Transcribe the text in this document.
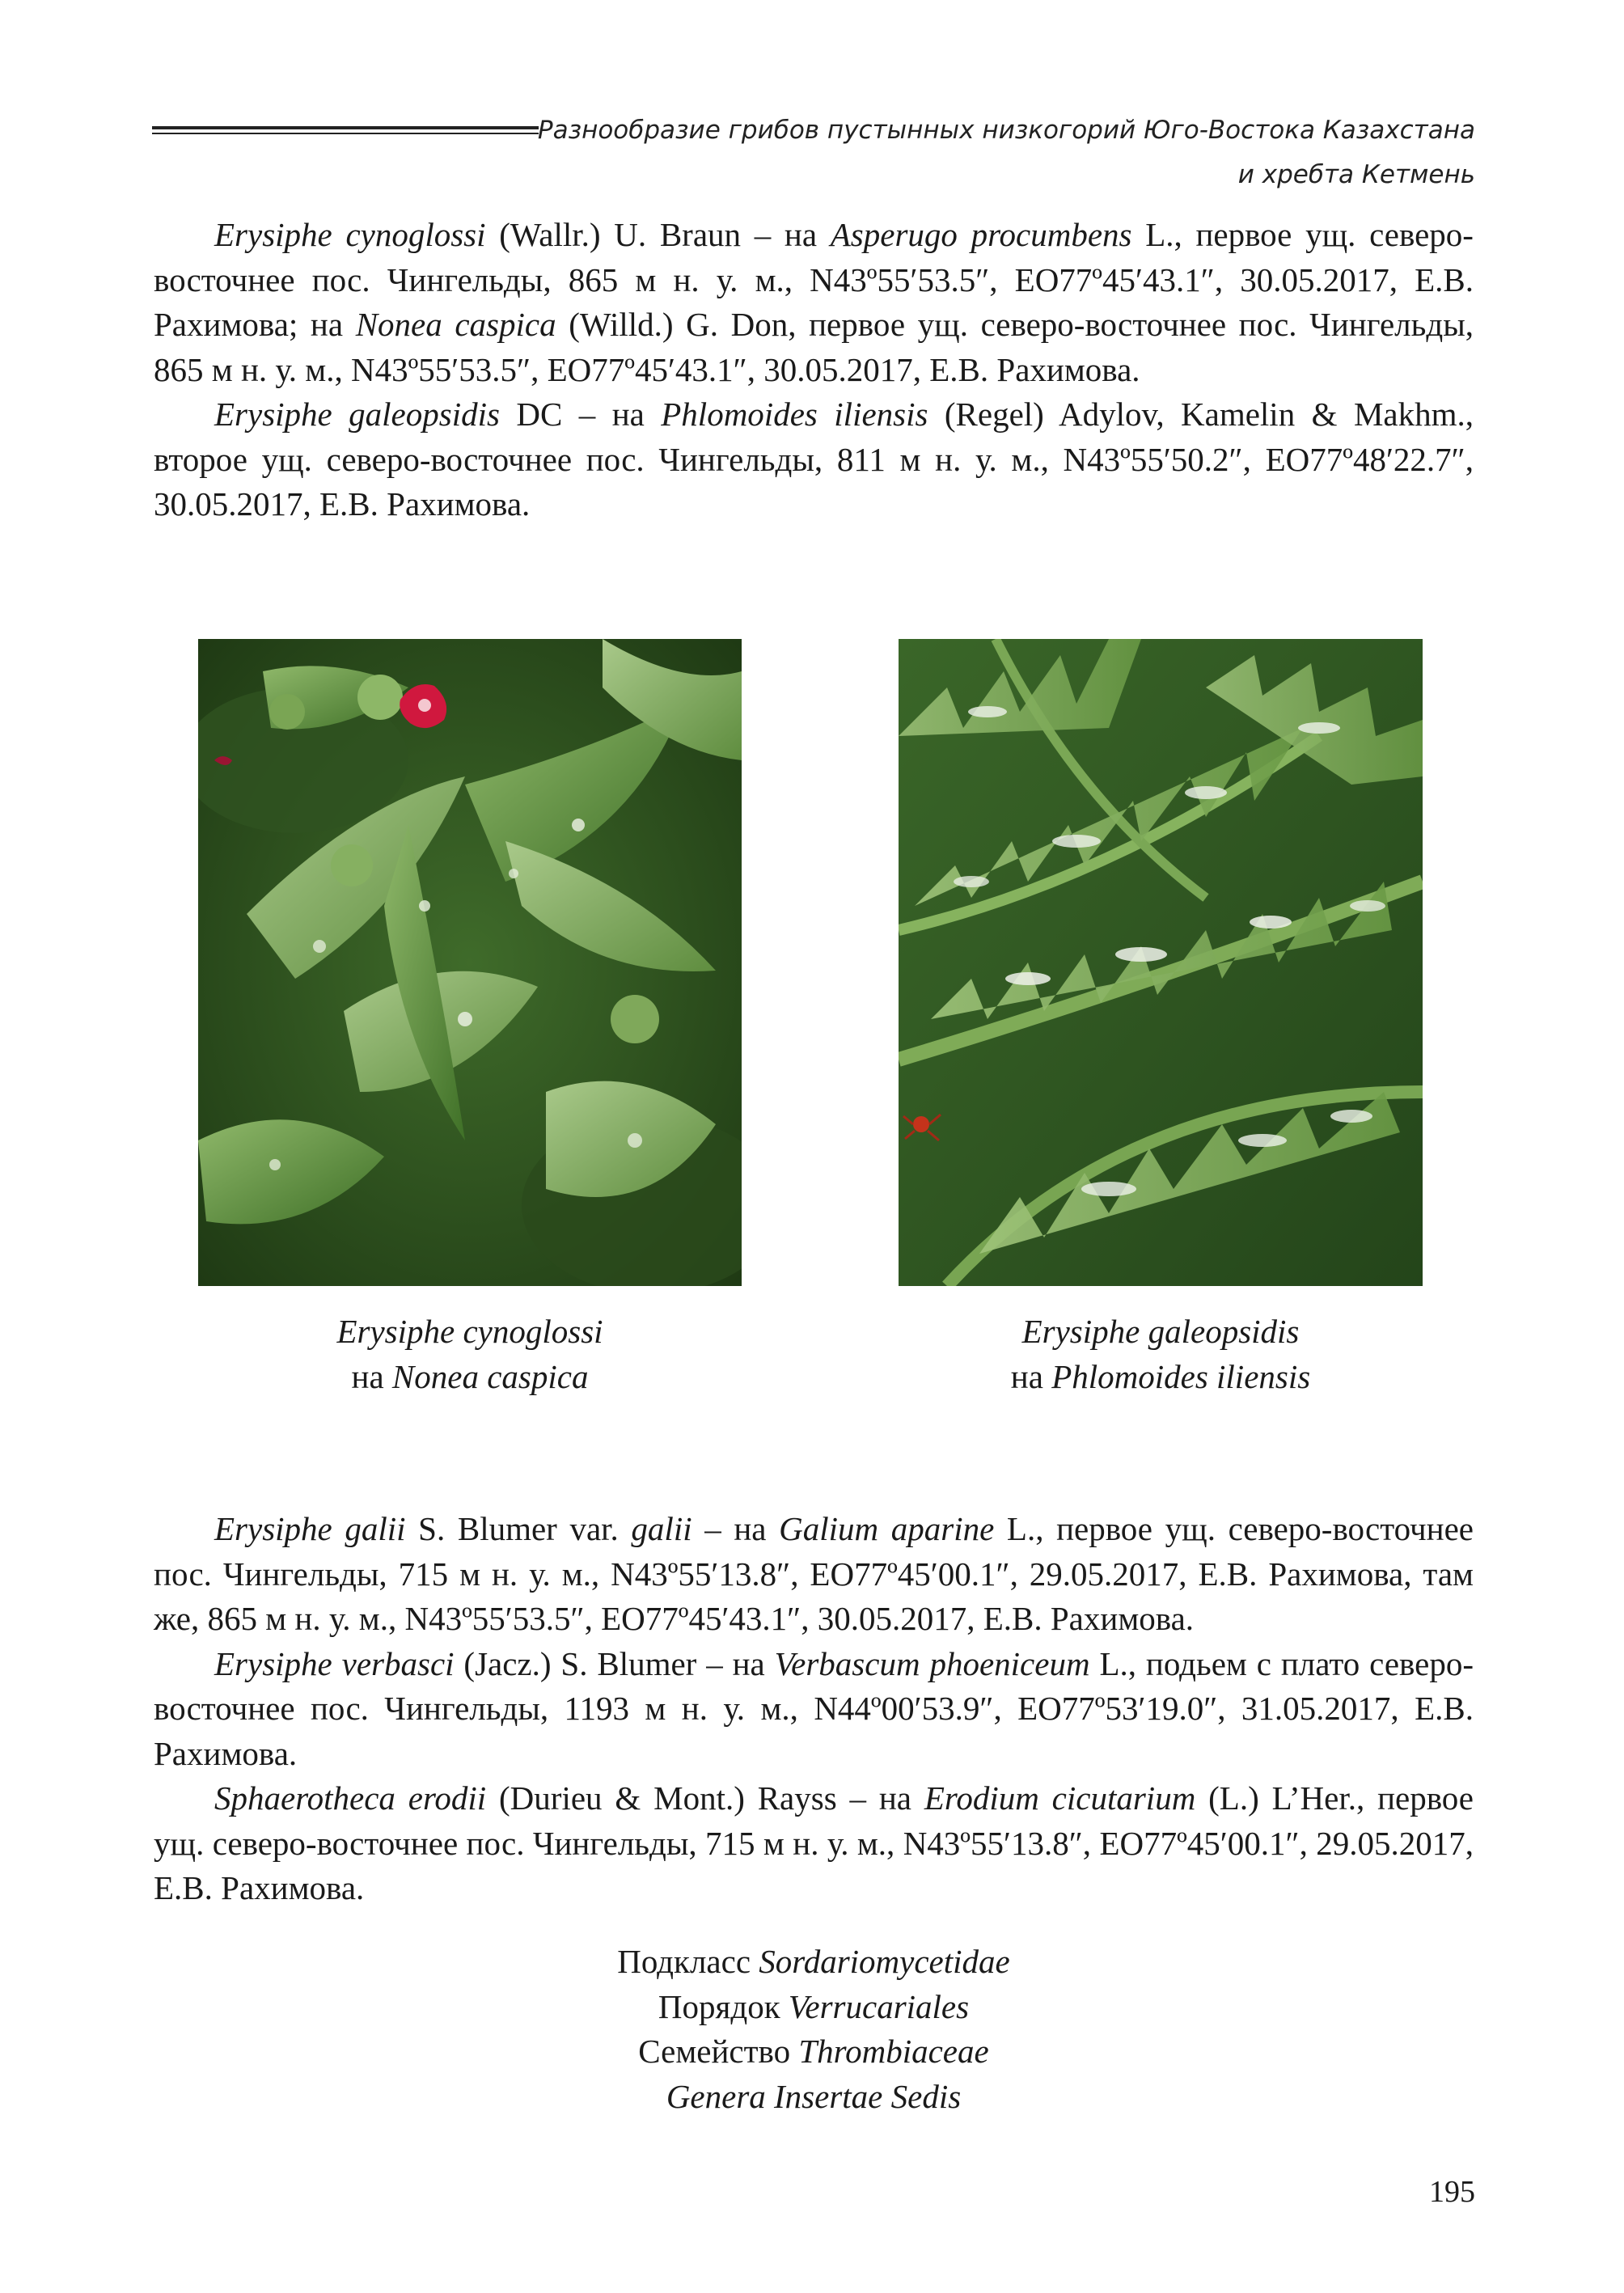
Разнообразие грибов пустынных низкогорий Юго-Востока Казахстана
и хребта Кетмень

Erysiphe cynoglossi (Wallr.) U. Braun – на Asperugo procumbens L., первое ущ. северо-восточнее пос. Чингельды, 865 м н. у. м., N43º55′53.5″, EO77º45′43.1″, 30.05.2017, Е.В. Рахимова; на Nonea caspica (Willd.) G. Don, первое ущ. северо-восточнее пос. Чингельды, 865 м н. у. м., N43º55′53.5″, EO77º45′43.1″, 30.05.2017, Е.В. Рахимова.

Erysiphe galeopsidis DC – на Phlomoides iliensis (Regel) Adylov, Kamelin & Makhm., второе ущ. северо-восточнее пос. Чингельды, 811 м н. у. м., N43º55′50.2″, EO77º48′22.7″, 30.05.2017, Е.В. Рахимова.

Erysiphe cynoglossi
на Nonea caspica
Erysiphe galeopsidis
на Phlomoides iliensis

Erysiphe galii S. Blumer var. galii – на Galium aparine L., первое ущ. северо-восточнее пос. Чингельды, 715 м н. у. м., N43º55′13.8″, EO77º45′00.1″, 29.05.2017, Е.В. Рахимова, там же, 865 м н. у. м., N43º55′53.5″, EO77º45′43.1″, 30.05.2017, Е.В. Рахимова.

Erysiphe verbasci (Jacz.) S. Blumer – на Verbascum phoeniceum L., подьем с плато северо-восточнее пос. Чингельды, 1193 м н. у. м., N44º00′53.9″, EO77º53′19.0″, 31.05.2017, Е.В. Рахимова.

Sphaerotheca erodii (Durieu & Mont.) Rayss – на Erodium cicutarium (L.) L’Her., первое ущ. северо-восточнее пос. Чингельды, 715 м н. у. м., N43º55′13.8″, EO77º45′00.1″, 29.05.2017, Е.В. Рахимова.

Подкласс Sordariomycetidae
Порядок Verrucariales
Семейство Thrombiaceae
Genera Insertae Sedis
195
